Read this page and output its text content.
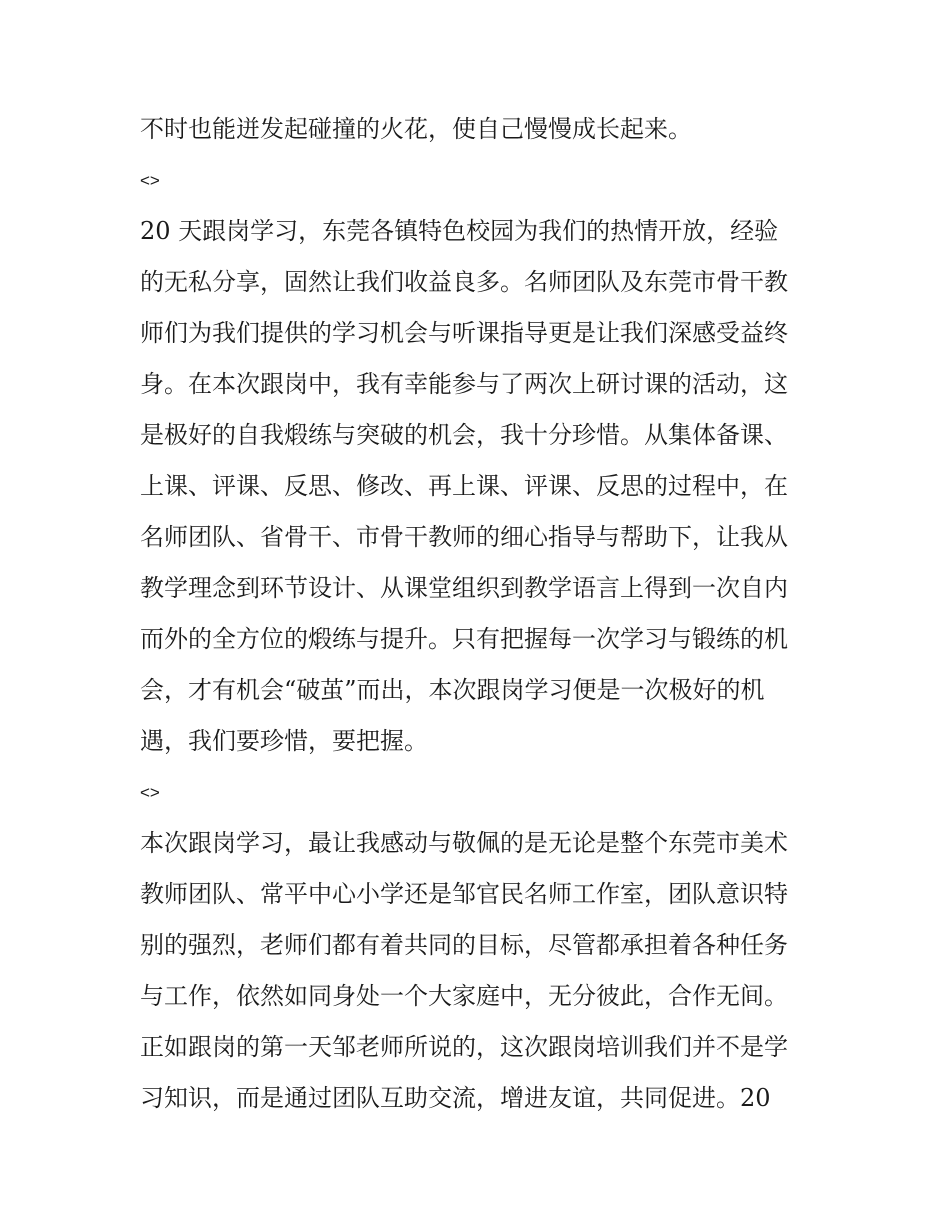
不时也能迸发起碰撞的火花，使自己慢慢成长起来。
<>
20 天跟岗学习，东莞各镇特色校园为我们的热情开放，经验
的无私分享，固然让我们收益良多。名师团队及东莞市骨干教
师们为我们提供的学习机会与听课指导更是让我们深感受益终
身。在本次跟岗中，我有幸能参与了两次上研讨课的活动，这
是极好的自我煅练与突破的机会，我十分珍惜。从集体备课、
上课、评课、反思、修改、再上课、评课、反思的过程中，在
名师团队、省骨干、市骨干教师的细心指导与帮助下，让我从
教学理念到环节设计、从课堂组织到教学语言上得到一次自内
而外的全方位的煅练与提升。只有把握每一次学习与锻练的机
会，才有机会“破茧”而出，本次跟岗学习便是一次极好的机
遇，我们要珍惜，要把握。
<>
本次跟岗学习，最让我感动与敬佩的是无论是整个东莞市美术
教师团队、常平中心小学还是邹官民名师工作室，团队意识特
别的强烈，老师们都有着共同的目标，尽管都承担着各种任务
与工作，依然如同身处一个大家庭中，无分彼此，合作无间。
正如跟岗的第一天邹老师所说的，这次跟岗培训我们并不是学
习知识，而是通过团队互助交流，增进友谊，共同促进。20
